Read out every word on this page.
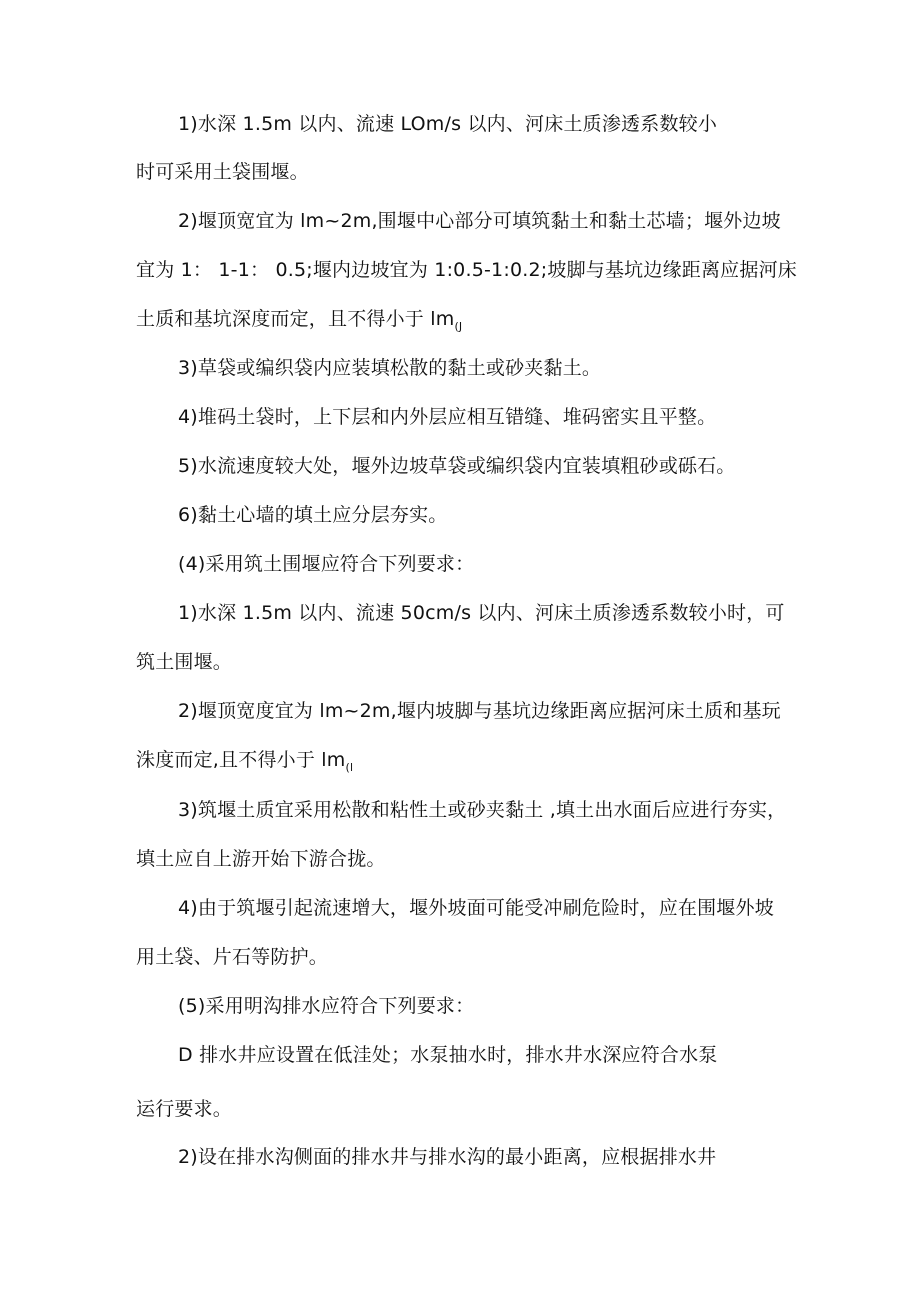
1)水深 1.5m 以内、流速 LOm/s 以内、河床土质渗透系数较小
时可采用土袋围堰。
2)堰顶宽宜为 lm~2m,围堰中心部分可填筑黏土和黏土芯墙；堰外边坡
宜为 1： 1-1： 0.5;堰内边坡宜为 1:0.5-1:0.2;坡脚与基坑边缘距离应据河床
土质和基坑深度而定，且不得小于 $lm_{(J}$
3)草袋或编织袋内应装填松散的黏土或砂夹黏土。
4)堆码土袋时，上下层和内外层应相互错缝、堆码密实且平整。
5)水流速度较大处，堰外边坡草袋或编织袋内宜装填粗砂或砾石。
6)黏土心墙的填土应分层夯实。
(4)采用筑土围堰应符合下列要求：
1)水深 1.5m 以内、流速 50cm∕s 以内、河床土质渗透系数较小时，可
筑土围堰。
2)堰顶宽度宜为 lm~2m,堰内坡脚与基坑边缘距离应据河床土质和基玩
洙度而定,且不得小于 $lm_{(l}$
3)筑堰土质宜采用松散和粘性土或砂夹黏土 ,填土出水面后应进行夯实，
填土应自上游开始下游合拢。
4)由于筑堰引起流速增大，堰外坡面可能受冲刷危险时，应在围堰外坡
用土袋、片石等防护。
(5)采用明沟排水应符合下列要求：
D 排水井应设置在低洼处；水泵抽水时，排水井水深应符合水泵
运行要求。
2)设在排水沟侧面的排水井与排水沟的最小距离，应根据排水井
